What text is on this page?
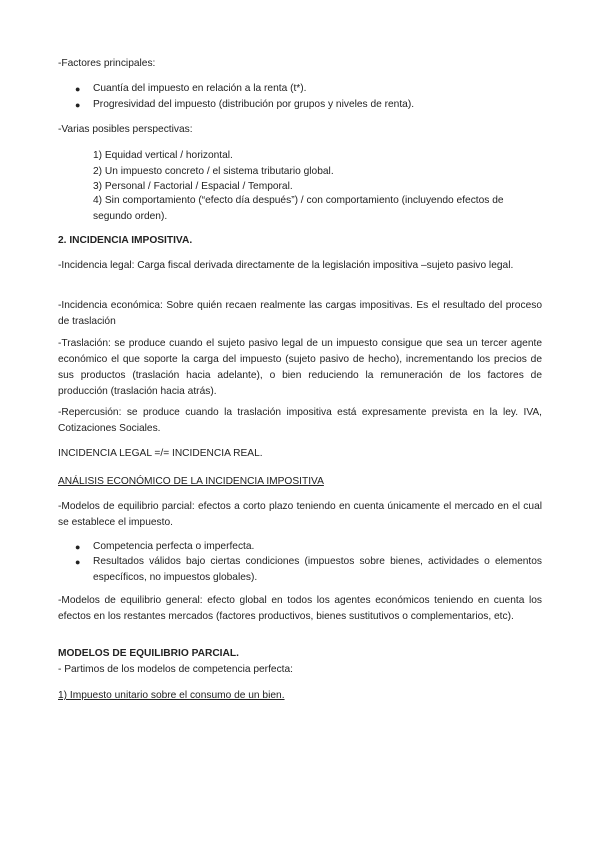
-Factores principales:
● Cuantía del impuesto en relación a la renta (t*).
● Progresividad del impuesto (distribución por grupos y niveles de renta).
-Varias posibles perspectivas:
1) Equidad vertical / horizontal.
2) Un impuesto concreto / el sistema tributario global.
3) Personal / Factorial / Espacial / Temporal.
4) Sin comportamiento (“efecto día después”) / con comportamiento (incluyendo efectos de segundo orden).
2. INCIDENCIA IMPOSITIVA.
-Incidencia legal: Carga fiscal derivada directamente de la legislación impositiva –sujeto pasivo legal.
-Incidencia económica: Sobre quién recaen realmente las cargas impositivas. Es el resultado del proceso de traslación
-Traslación: se produce cuando el sujeto pasivo legal de un impuesto consigue que sea un tercer agente económico el que soporte la carga del impuesto (sujeto pasivo de hecho), incrementando los precios de sus productos (traslación hacia adelante), o bien reduciendo la remuneración de los factores de producción (traslación hacia atrás).
-Repercusión: se produce cuando la traslación impositiva está expresamente prevista en la ley. IVA, Cotizaciones Sociales.
INCIDENCIA LEGAL =/= INCIDENCIA REAL.
ANÁLISIS ECONÓMICO DE LA INCIDENCIA IMPOSITIVA
-Modelos de equilibrio parcial: efectos a corto plazo teniendo en cuenta únicamente el mercado en el cual se establece el impuesto.
● Competencia perfecta o imperfecta.
● Resultados válidos bajo ciertas condiciones (impuestos sobre bienes, actividades o elementos específicos, no impuestos globales).
-Modelos de equilibrio general: efecto global en todos los agentes económicos teniendo en cuenta los efectos en los restantes mercados (factores productivos, bienes sustitutivos o complementarios, etc).
MODELOS DE EQUILIBRIO PARCIAL.
- Partimos de los modelos de competencia perfecta:
1) Impuesto unitario sobre el consumo de un bien.
